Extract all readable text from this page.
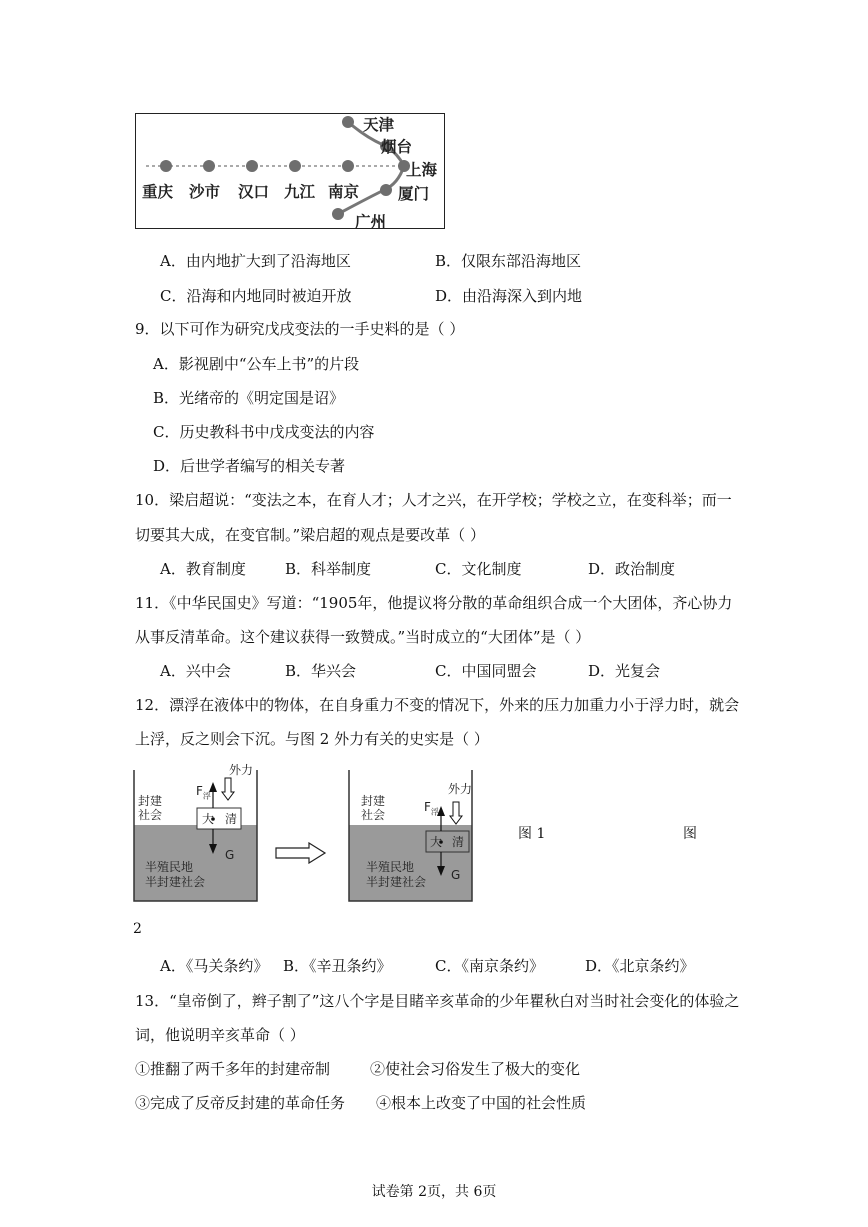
天津
烟台
上海
厦门
广州
重庆 沙市 汉口 九江 南京
A．由内地扩大到了沿海地区	B．仅限东部沿海地区
C．沿海和内地同时被迫开放	D．由沿海深入到内地
9．以下可作为研究戊戌变法的一手史料的是（ ）
A．影视剧中“公车上书”的片段
B．光绪帝的《明定国是诏》
C．历史教科书中戊戌变法的内容
D．后世学者编写的相关专著
10．梁启超说：“变法之本，在育人才；人才之兴，在开学校；学校之立，在变科举；而一
切要其大成，在变官制。”梁启超的观点是要改革（ ）
A．教育制度	B．科举制度	C．文化制度	D．政治制度
11．《中华民国史》写道：“1905年，他提议将分散的革命组织合成一个大团体，齐心协力
从事反清革命。这个建议获得一致赞成。”当时成立的“大团体”是（ ）
A．兴中会	B．华兴会	C．中国同盟会	D．光复会
12．漂浮在液体中的物体，在自身重力不变的情况下，外来的压力加重力小于浮力时，就会
上浮，反之则会下沉。与图 2 外力有关的史实是（ ）
外力
$F_浮$
封建
社会	大 清
G
半殖民地
半封建社会
外力
$F_浮$
封建
社会
大 清
G
半殖民地
半封建社会
图 1	图
2
A．《马关条约》 B．《辛丑条约》	C．《南京条约》	D．《北京条约》
13．“皇帝倒了，辫子割了”这八个字是目睹辛亥革命的少年瞿秋白对当时社会变化的体验之
词，他说明辛亥革命（ ）
①推翻了两千多年的封建帝制	②使社会习俗发生了极大的变化
③完成了反帝反封建的革命任务 ④根本上改变了中国的社会性质
试卷第 2页，共 6页
